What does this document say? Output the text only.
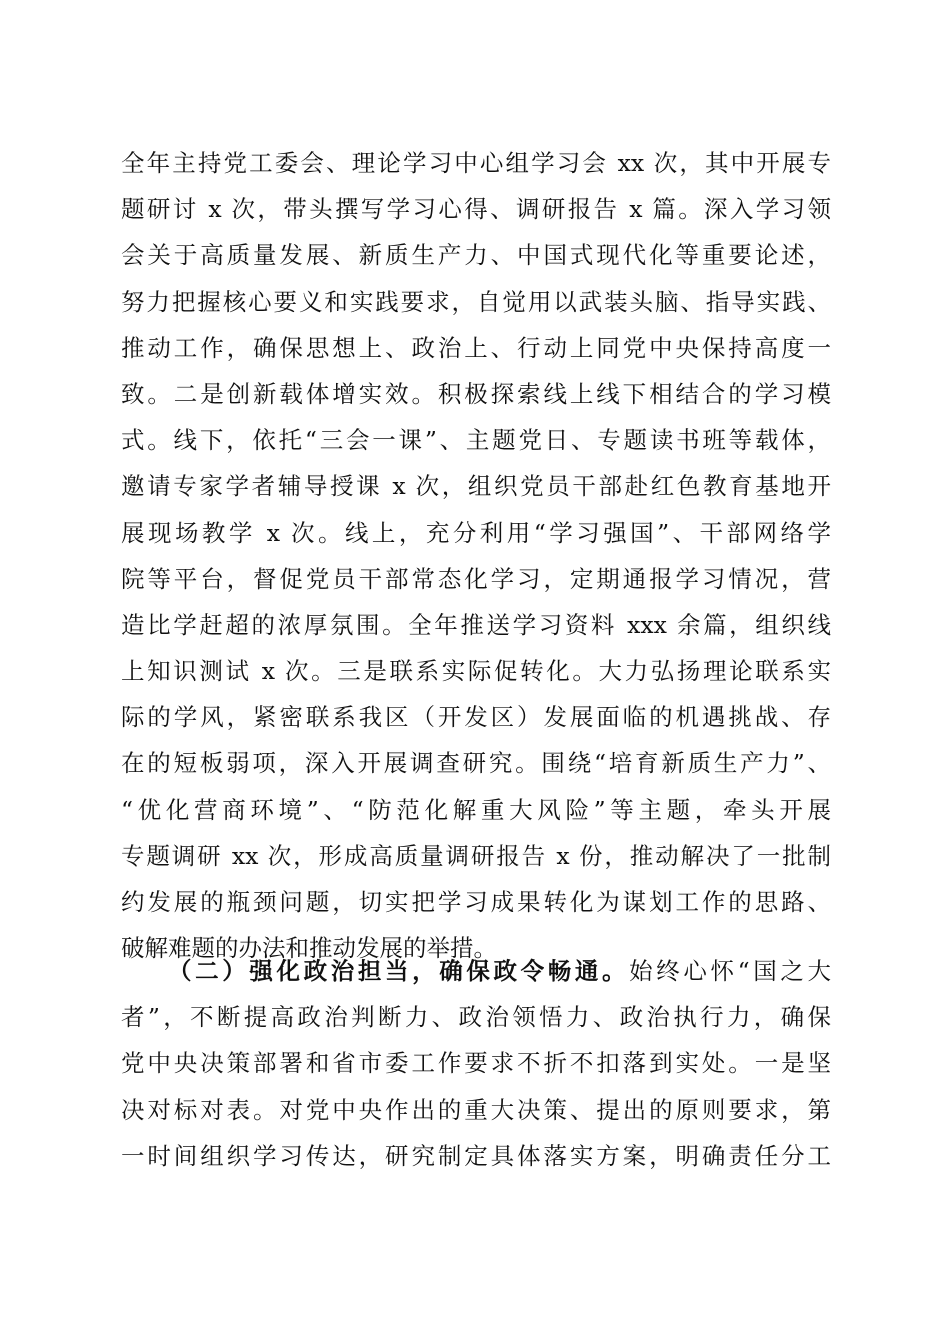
全年主持党工委会、理论学习中心组学习会 xx 次，其中开展专
题研讨 x 次，带头撰写学习心得、调研报告 x 篇。深入学习领
会关于高质量发展、新质生产力、中国式现代化等重要论述，
努力把握核心要义和实践要求，自觉用以武装头脑、指导实践、
推动工作，确保思想上、政治上、行动上同党中央保持高度一
致。二是创新载体增实效。积极探索线上线下相结合的学习模
式。线下，依托“三会一课”、主题党日、专题读书班等载体，
邀请专家学者辅导授课 x 次，组织党员干部赴红色教育基地开
展现场教学 x 次。线上，充分利用“学习强国”、干部网络学
院等平台，督促党员干部常态化学习，定期通报学习情况，营
造比学赶超的浓厚氛围。全年推送学习资料 xxx 余篇，组织线
上知识测试 x 次。三是联系实际促转化。大力弘扬理论联系实
际的学风，紧密联系我区（开发区）发展面临的机遇挑战、存
在的短板弱项，深入开展调查研究。围绕“培育新质生产力”、
“优化营商环境”、“防范化解重大风险”等主题，牵头开展
专题调研 xx 次，形成高质量调研报告 x 份，推动解决了一批制
约发展的瓶颈问题，切实把学习成果转化为谋划工作的思路、
破解难题的办法和推动发展的举措。
（二）强化政治担当，确保政令畅通。始终心怀“国之大
者”，不断提高政治判断力、政治领悟力、政治执行力，确保
党中央决策部署和省市委工作要求不折不扣落到实处。一是坚
决对标对表。对党中央作出的重大决策、提出的原则要求，第
一时间组织学习传达，研究制定具体落实方案，明确责任分工
